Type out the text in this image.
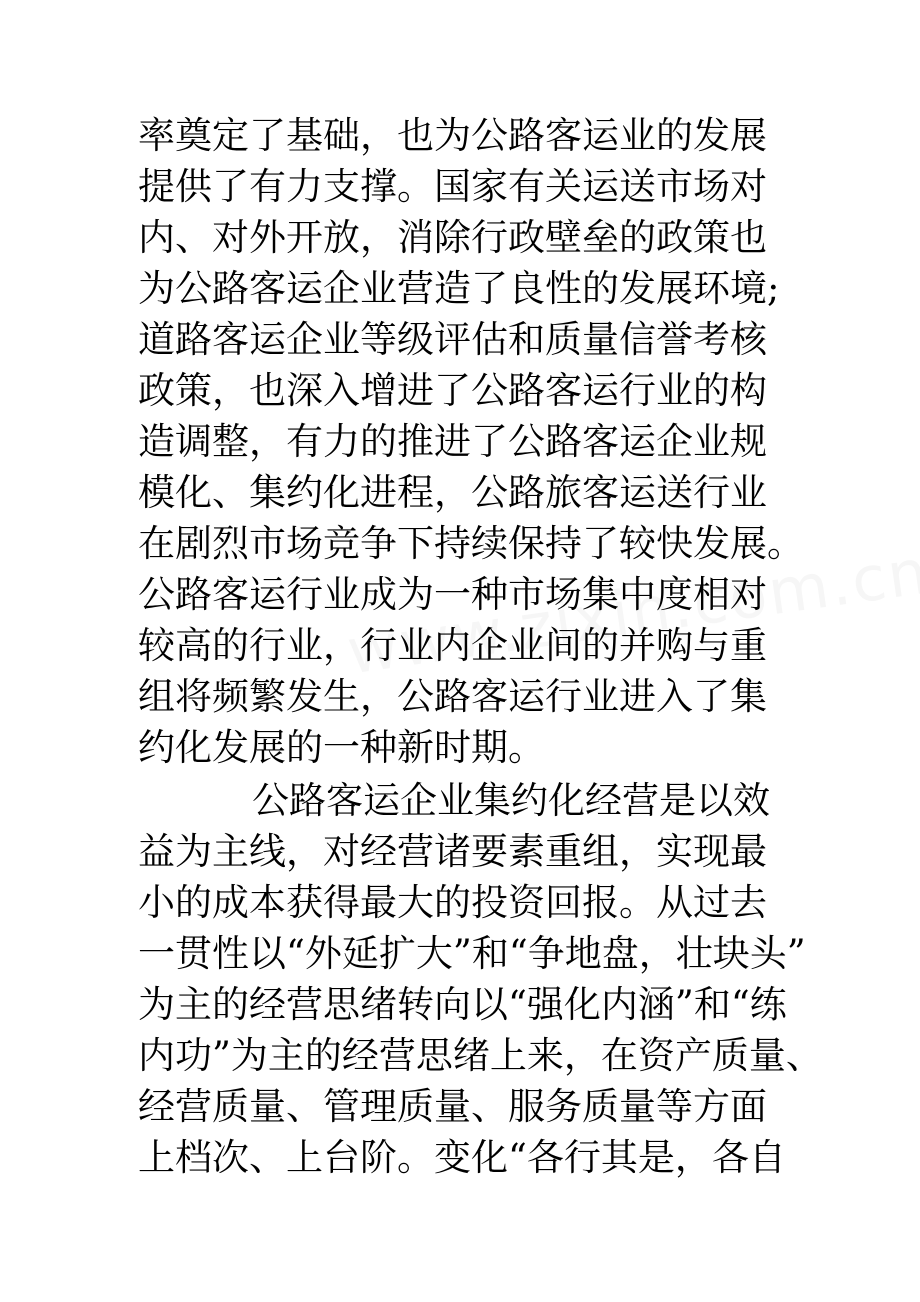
率奠定了基础，也为公路客运业的发展
提供了有力支撑。国家有关运送市场对
内、对外开放，消除行政壁垒的政策也
为公路客运企业营造了良性的发展环境;
道路客运企业等级评估和质量信誉考核
政策，也深入增进了公路客运行业的构
造调整，有力的推进了公路客运企业规
模化、集约化进程，公路旅客运送行业
在剧烈市场竞争下持续保持了较快发展。
公路客运行业成为一种市场集中度相对
较高的行业，行业内企业间的并购与重
组将频繁发生，公路客运行业进入了集
约化发展的一种新时期。
公路客运企业集约化经营是以效
益为主线，对经营诸要素重组，实现最
小的成本获得最大的投资回报。从过去
一贯性以“外延扩大”和“争地盘，壮块头”
为主的经营思绪转向以“强化内涵”和“练
内功”为主的经营思绪上来，在资产质量、
经营质量、管理质量、服务质量等方面
上档次、上台阶。变化“各行其是，各自
